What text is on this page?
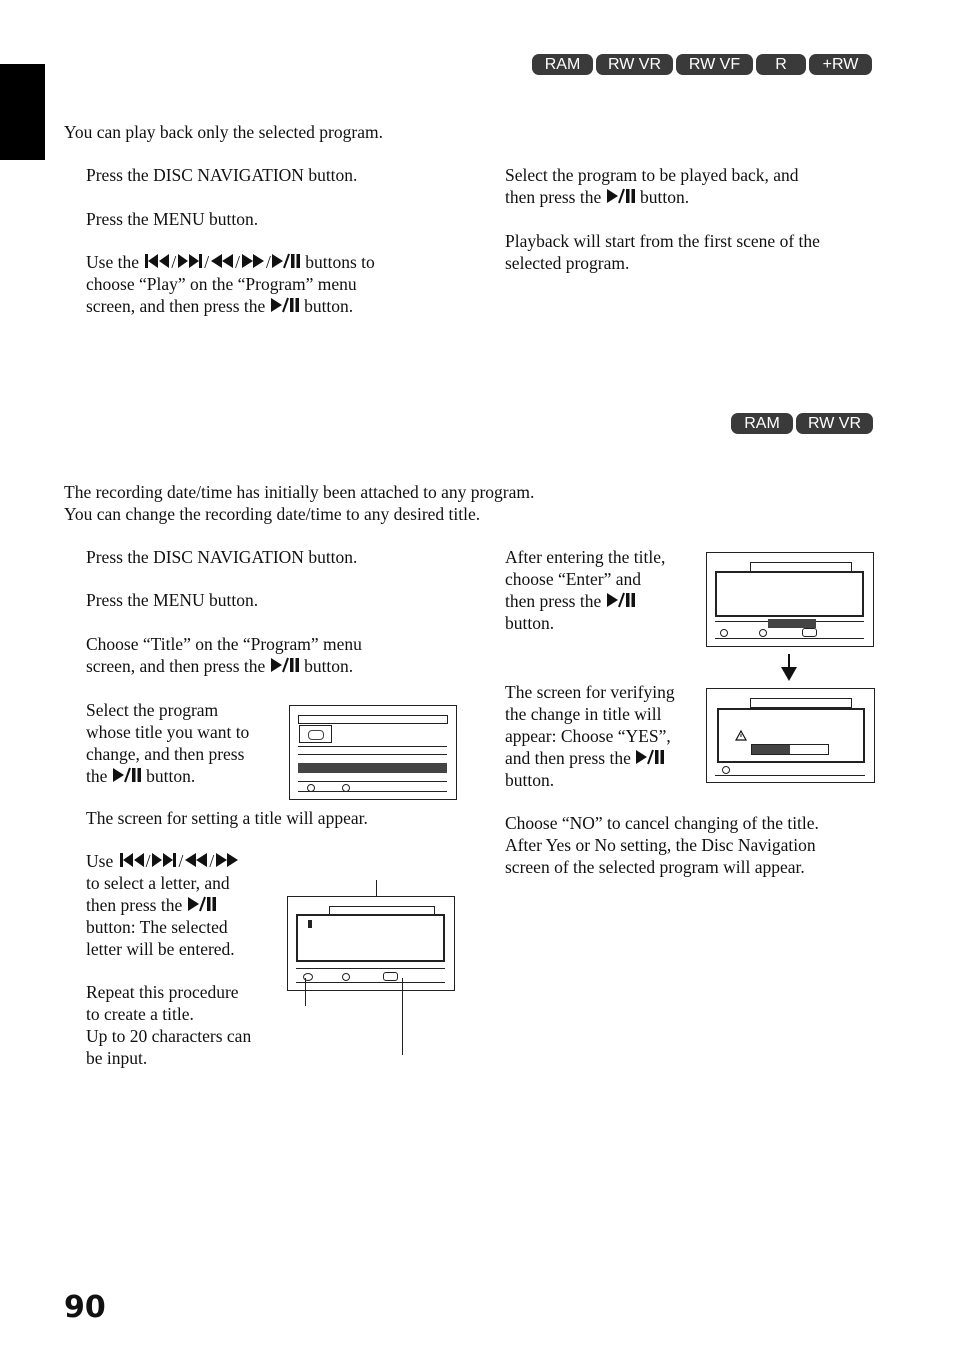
RAM	RW VR	RW VF	R	+RW

You can play back only the selected program.

Press the DISC NAVIGATION button.

Press the MENU button.

Use the / / / / buttons to
choose “Play” on the “Program” menu
screen, and then press the button.
Select the program to be played back, and
then press the button.
Playback will start from the first scene of the
selected program.
RAM	RW VR
The recording date/time has initially been attached to any program.
You can change the recording date/time to any desired title.

Press the DISC NAVIGATION button.

Press the MENU button.

Choose “Title” on the “Program” menu
screen, and then press the button.
Select the program
whose title you want to
change, and then press
the button.

The screen for setting a title will appear.

Use / / /
to select a letter, and
then press the
button: The selected
letter will be entered.
Repeat this procedure
to create a title.
Up to 20 characters can
be input.
After entering the title,
choose “Enter” and
then press the
button.
The screen for verifying
the change in title will
appear: Choose “YES”,
and then press the
button.
Choose “NO” to cancel changing of the title.
After Yes or No setting, the Disc Navigation
screen of the selected program will appear.
90
